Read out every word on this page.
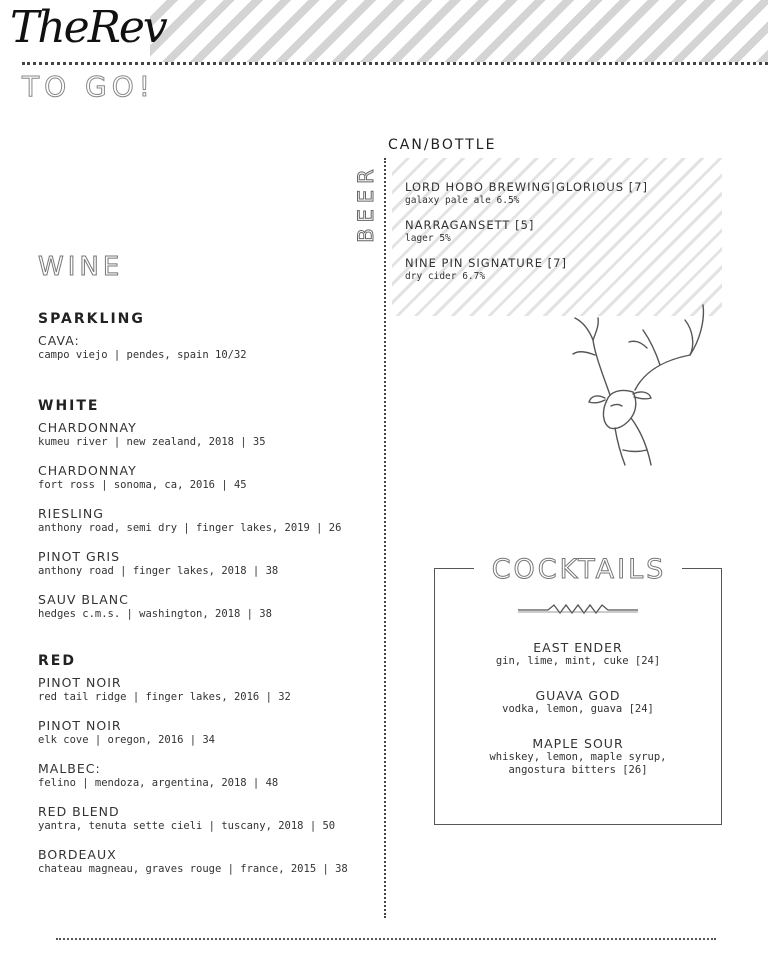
TheRev
TO GO!
WINE
SPARKLING
CAVA:
campo viejo | pendes, spain 10/32
WHITE
CHARDONNAY
kumeu river | new zealand, 2018 | 35
CHARDONNAY
fort ross | sonoma, ca, 2016 | 45
RIESLING
anthony road, semi dry | finger lakes, 2019 | 26
PINOT GRIS
anthony road | finger lakes, 2018 | 38
SAUV BLANC
hedges c.m.s. | washington, 2018 | 38
RED
PINOT NOIR
red tail ridge | finger lakes, 2016 | 32
PINOT NOIR
elk cove | oregon, 2016 | 34
MALBEC:
felino | mendoza, argentina, 2018 | 48
RED BLEND
yantra, tenuta sette cieli | tuscany, 2018 | 50
BORDEAUX
chateau magneau, graves rouge | france, 2015 | 38
CAN/BOTTLE
BEER LORD HOBO BREWING|GLORIOUS [7]
galaxy pale ale 6.5%
NARRAGANSETT [5]
lager 5%
NINE PIN SIGNATURE [7]
dry cider 6.7%
COCKTAILS
EAST ENDER
gin, lime, mint, cuke [24]
GUAVA GOD
vodka, lemon, guava [24]
MAPLE SOUR
whiskey, lemon, maple syrup,
angostura bitters [26]
